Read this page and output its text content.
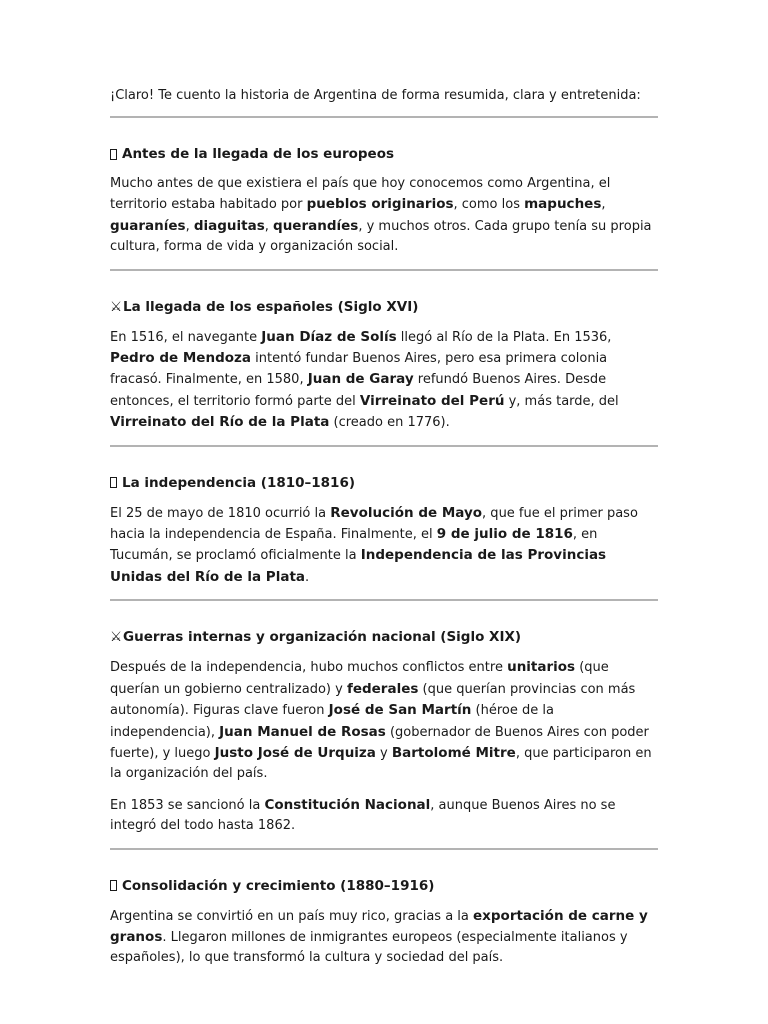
¡Claro! Te cuento la historia de Argentina de forma resumida, clara y entretenida:

Antes de la llegada de los europeos

Mucho antes de que existiera el país que hoy conocemos como Argentina, el territorio estaba habitado por pueblos originarios, como los mapuches, guaraníes, diaguitas, querandíes, y muchos otros. Cada grupo tenía su propia cultura, forma de vida y organización social.

⚔ La llegada de los españoles (Siglo XVI)

En 1516, el navegante Juan Díaz de Solís llegó al Río de la Plata. En 1536, Pedro de Mendoza intentó fundar Buenos Aires, pero esa primera colonia fracasó. Finalmente, en 1580, Juan de Garay refundó Buenos Aires. Desde entonces, el territorio formó parte del Virreinato del Perú y, más tarde, del Virreinato del Río de la Plata (creado en 1776).

La independencia (1810–1816)

El 25 de mayo de 1810 ocurrió la Revolución de Mayo, que fue el primer paso hacia la independencia de España. Finalmente, el 9 de julio de 1816, en Tucumán, se proclamó oficialmente la Independencia de las Provincias Unidas del Río de la Plata.

⚔ Guerras internas y organización nacional (Siglo XIX)

Después de la independencia, hubo muchos conflictos entre unitarios (que querían un gobierno centralizado) y federales (que querían provincias con más autonomía). Figuras clave fueron José de San Martín (héroe de la independencia), Juan Manuel de Rosas (gobernador de Buenos Aires con poder fuerte), y luego Justo José de Urquiza y Bartolomé Mitre, que participaron en la organización del país.

En 1853 se sancionó la Constitución Nacional, aunque Buenos Aires no se integró del todo hasta 1862.

Consolidación y crecimiento (1880–1916)

Argentina se convirtió en un país muy rico, gracias a la exportación de carne y granos. Llegaron millones de inmigrantes europeos (especialmente italianos y españoles), lo que transformó la cultura y sociedad del país.
